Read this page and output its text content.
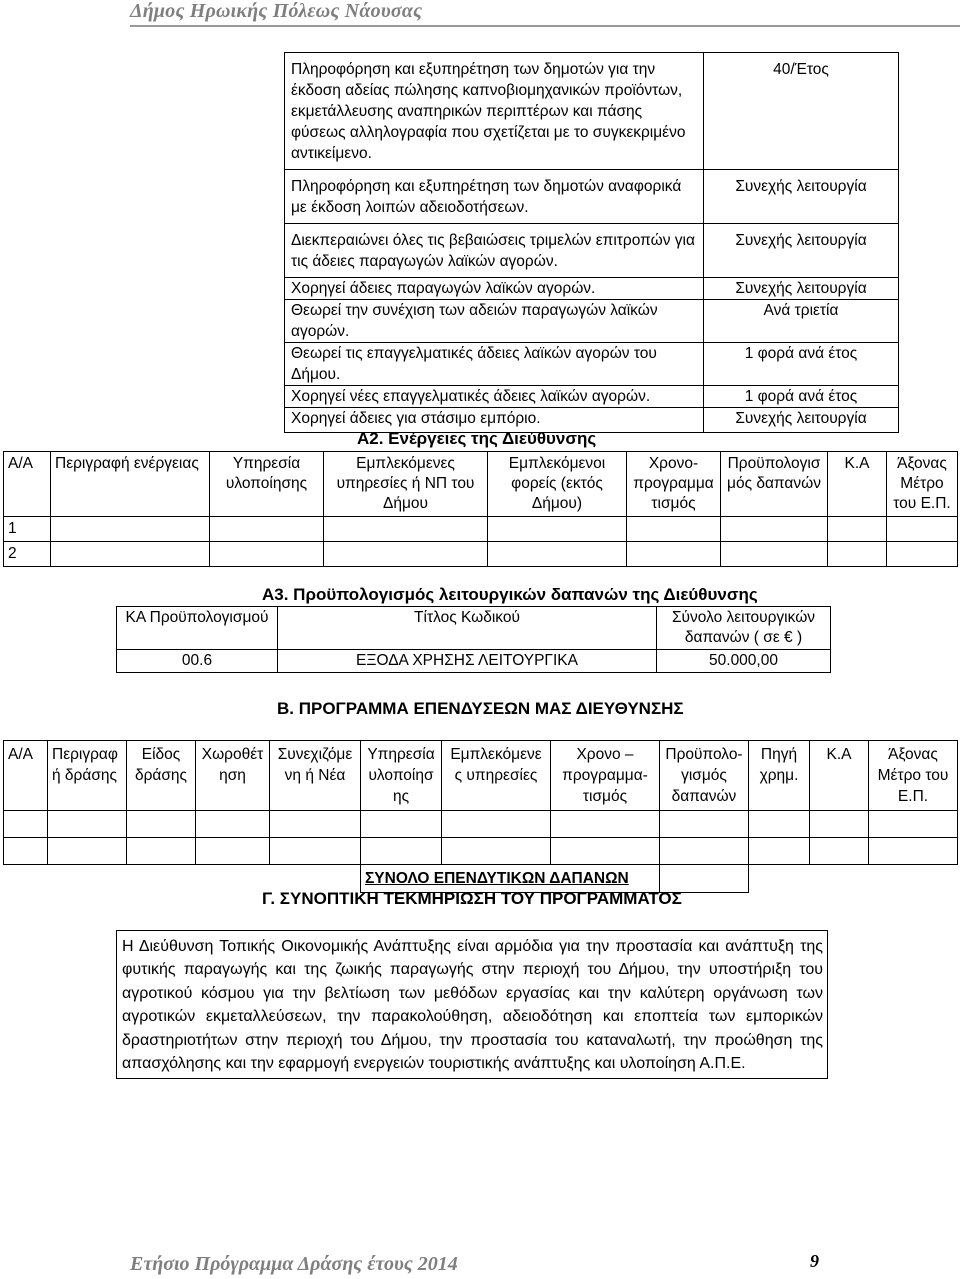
Δήμος Ηρωικής Πόλεως Νάουσας
Πληροφόρηση και εξυπηρέτηση των δημοτών για την έκδοση αδείας πώλησης καπνοβιομηχανικών προϊόντων, εκμετάλλευσης αναπηρικών περιπτέρων και πάσης φύσεως αλληλογραφία που σχετίζεται με το συγκεκριμένο αντικείμενο.	40/Έτος
Πληροφόρηση και εξυπηρέτηση των δημοτών αναφορικά με έκδοση λοιπών αδειοδοτήσεων.	Συνεχής λειτουργία
Διεκπεραιώνει όλες τις βεβαιώσεις τριμελών επιτροπών για τις άδειες παραγωγών λαϊκών αγορών.	Συνεχής λειτουργία
Χορηγεί άδειες παραγωγών λαϊκών αγορών.	Συνεχής λειτουργία
Θεωρεί την συνέχιση των αδειών παραγωγών λαϊκών αγορών.	Ανά τριετία
Θεωρεί τις επαγγελματικές άδειες λαϊκών αγορών του Δήμου.	1 φορά ανά έτος
Χορηγεί νέες επαγγελματικές άδειες λαϊκών αγορών.	1 φορά ανά έτος
Χορηγεί άδειες για στάσιμο εμπόριο.	Συνεχής λειτουργία
Α2. Ενέργειες της Διεύθυνσης
Α/Α	Περιγραφή ενέργειας	Υπηρεσία υλοποίησης	Εμπλεκόμενες υπηρεσίες ή ΝΠ του Δήμου	Εμπλεκόμενοι φορείς (εκτός Δήμου)	Χρονο-προγραμμα τισμός	Προϋπολογισ μός δαπανών	Κ.Α	Άξονας Μέτρο του Ε.Π.
1								
2								
Α3. Προϋπολογισμός λειτουργικών δαπανών της Διεύθυνσης
ΚΑ Προϋπολογισμού	Τίτλος Κωδικού	Σύνολο λειτουργικών δαπανών ( σε € )
00.6	ΕΞΟΔΑ ΧΡΗΣΗΣ ΛΕΙΤΟΥΡΓΙΚΑ	50.000,00
Β. ΠΡΟΓΡΑΜΜΑ ΕΠΕΝΔΥΣΕΩΝ ΜΑΣ ΔΙΕΥΘΥΝΣΗΣ
Α/Α	Περιγραφ ή δράσης	Είδος δράσης	Χωροθέτ ηση	Συνεχιζόμε νη ή Νέα	Υπηρεσία υλοποίησ ης	Εμπλεκόμενε ς υπηρεσίες	Χρονο – προγραμμα-τισμός	Προϋπολο-γισμός δαπανών	Πηγή χρημ.	Κ.Α	Άξονας Μέτρο του Ε.Π.

					ΣΥΝΟΛΟ ΕΠΕΝΔΥΤΙΚΩΝ ΔΑΠΑΝΩΝ						
Γ. ΣΥΝΟΠΤΙΚΗ ΤΕΚΜΗΡΙΩΣΗ ΤΟΥ ΠΡΟΓΡΑΜΜΑΤΟΣ
Η Διεύθυνση Τοπικής Οικονομικής Ανάπτυξης είναι αρμόδια για την προστασία και ανάπτυξη της φυτικής παραγωγής και της ζωικής παραγωγής στην περιοχή του Δήμου, την υποστήριξη του αγροτικού κόσμου για την βελτίωση των μεθόδων εργασίας και την καλύτερη οργάνωση των αγροτικών εκμεταλλεύσεων, την παρακολούθηση, αδειοδότηση και εποπτεία των εμπορικών δραστηριοτήτων στην περιοχή του Δήμου, την προστασία του καταναλωτή, την προώθηση της απασχόλησης και την εφαρμογή ενεργειών τουριστικής ανάπτυξης και υλοποίηση Α.Π.Ε.
Ετήσιο Πρόγραμμα Δράσης έτους 2014	9
